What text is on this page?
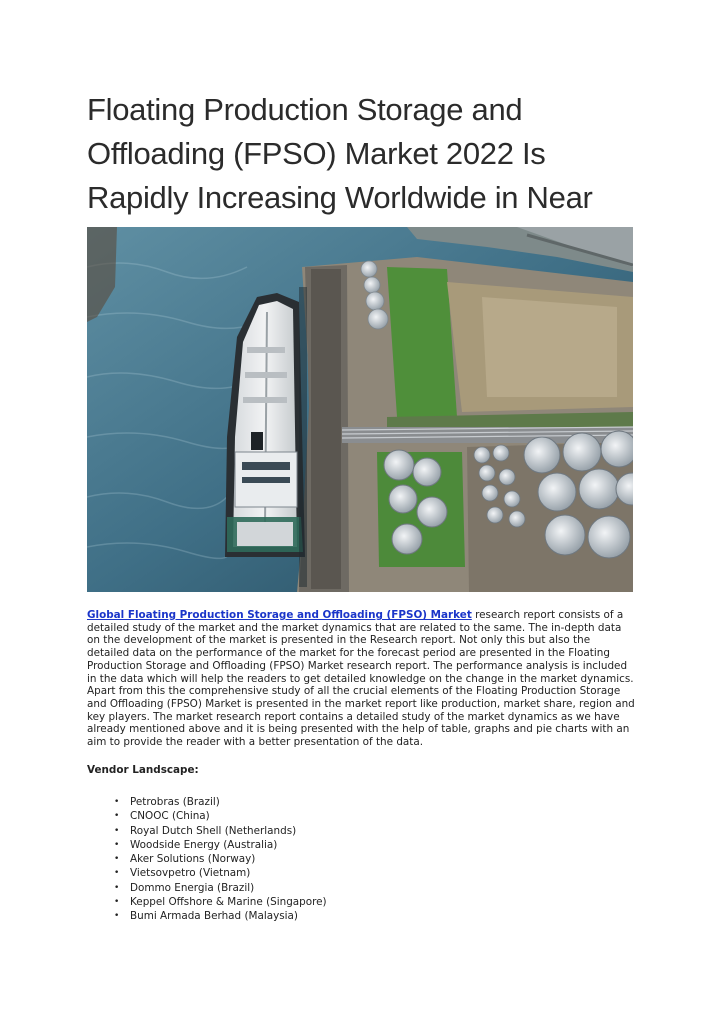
Floating Production Storage and Offloading (FPSO) Market 2022 Is Rapidly Increasing Worldwide in Near

Global Floating Production Storage and Offloading (FPSO) Market research report consists of a detailed study of the market and the market dynamics that are related to the same. The in-depth data on the development of the market is presented in the Research report. Not only this but also the detailed data on the performance of the market for the forecast period are presented in the Floating Production Storage and Offloading (FPSO) Market research report. The performance analysis is included in the data which will help the readers to get detailed knowledge on the change in the market dynamics. Apart from this the comprehensive study of all the crucial elements of the Floating Production Storage and Offloading (FPSO) Market is presented in the market report like production, market share, region and key players. The market research report contains a detailed study of the market dynamics as we have already mentioned above and it is being presented with the help of table, graphs and pie charts with an aim to provide the reader with a better presentation of the data.

Vendor Landscape:
• Petrobras (Brazil)
• CNOOC (China)
• Royal Dutch Shell (Netherlands)
• Woodside Energy (Australia)
• Aker Solutions (Norway)
• Vietsovpetro (Vietnam)
• Dommo Energia (Brazil)
• Keppel Offshore & Marine (Singapore)
• Bumi Armada Berhad (Malaysia)
